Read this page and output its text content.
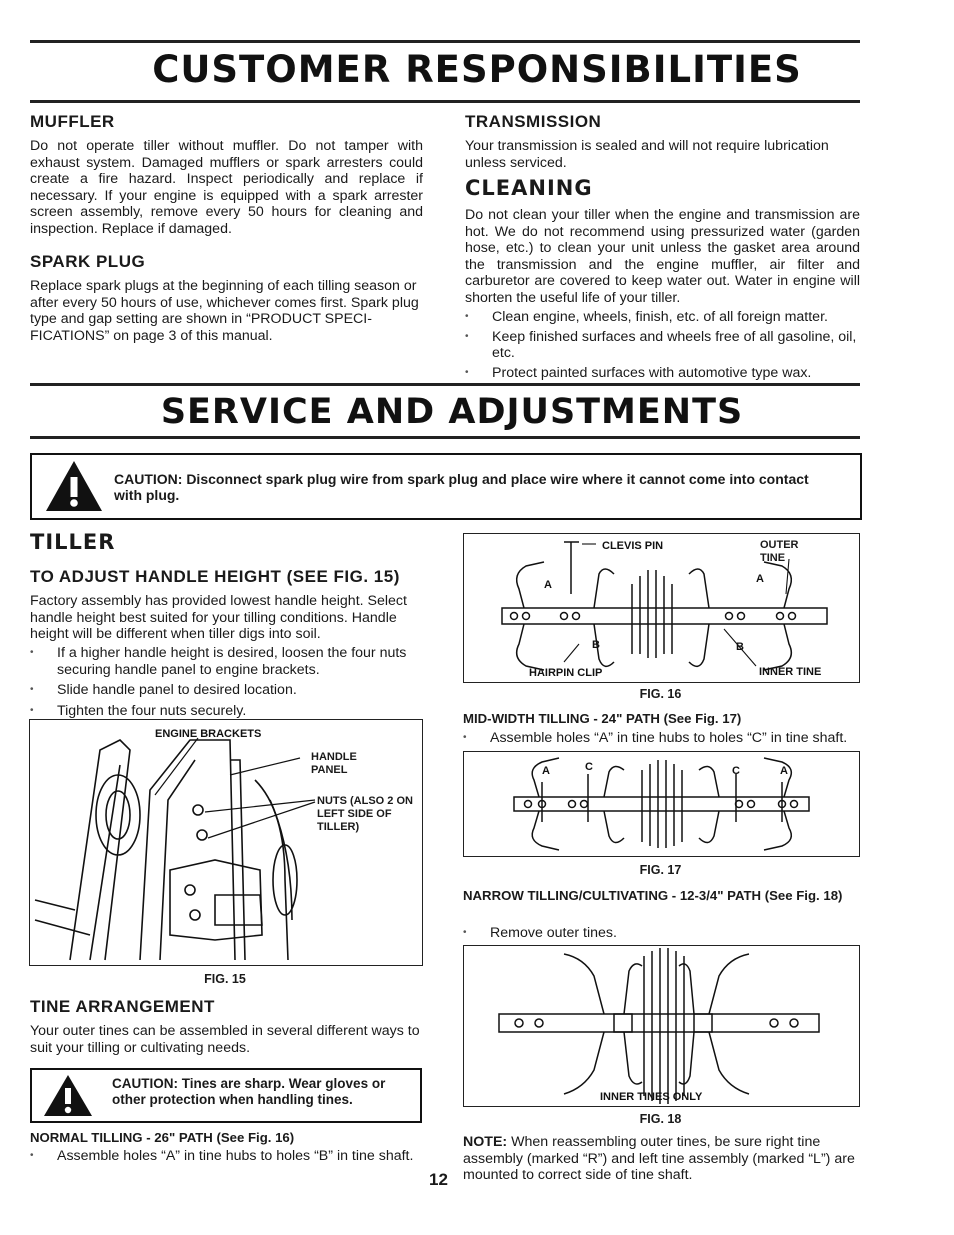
CUSTOMER RESPONSIBILITIES
MUFFLER
Do not operate tiller without muffler. Do not tamper with exhaust system. Damaged mufflers or spark arresters could create a fire hazard. Inspect periodically and replace if necessary. If your engine is equipped with a spark arrester screen assembly, remove every 50 hours for cleaning and inspection. Replace if damaged.
SPARK PLUG
Replace spark plugs at the beginning of each tilling season or after every 50 hours of use, whichever comes first. Spark plug type and gap setting are shown in “PRODUCT SPECI-FICATIONS” on page 3 of this manual.
TRANSMISSION
Your transmission is sealed and will not require lubrication unless serviced.
CLEANING
Do not clean your tiller when the engine and transmission are hot. We do not recommend using pressurized water (garden hose, etc.) to clean your unit unless the gasket area around the transmission and the engine muffler, air filter and carburetor are covered to keep water out. Water in engine will shorten the useful life of your tiller.
• Clean engine, wheels, finish, etc. of all foreign matter.
• Keep finished surfaces and wheels free of all gasoline, oil, etc.
• Protect painted surfaces with automotive type wax.
SERVICE AND ADJUSTMENTS
CAUTION: Disconnect spark plug wire from spark plug and place wire where it cannot come into contact with plug.
TILLER
TO ADJUST HANDLE HEIGHT (SEE FIG. 15)
Factory assembly has provided lowest handle height. Select handle height best suited for your tilling conditions. Handle height will be different when tiller digs into soil.
• If a higher handle height is desired, loosen the four nuts securing handle panel to engine brackets.
• Slide handle panel to desired location.
• Tighten the four nuts securely.
ENGINE BRACKETS
HANDLE PANEL
NUTS (ALSO 2 ON LEFT SIDE OF TILLER)
FIG. 15
TINE ARRANGEMENT
Your outer tines can be assembled in several different ways to suit your tilling or cultivating needs.
CAUTION: Tines are sharp. Wear gloves or other protection when handling tines.
NORMAL TILLING - 26" PATH (See Fig. 16)
• Assemble holes “A” in tine hubs to holes “B” in tine shaft.
A	A
B	B
CLEVIS PIN
HAIRPIN CLIP	INNER TINE
OUTER TINE
FIG. 16
MID-WIDTH TILLING - 24" PATH (See Fig. 17)
• Assemble holes “A” in tine hubs to holes “C” in tine shaft.
A	C	C	A
FIG. 17
NARROW TILLING/CULTIVATING - 12-3/4" PATH (See Fig. 18)
• Remove outer tines.
INNER TINES ONLY
FIG. 18
NOTE: When reassembling outer tines, be sure right tine assembly (marked “R”) and left tine assembly (marked “L”) are mounted to correct side of tine shaft.
12
